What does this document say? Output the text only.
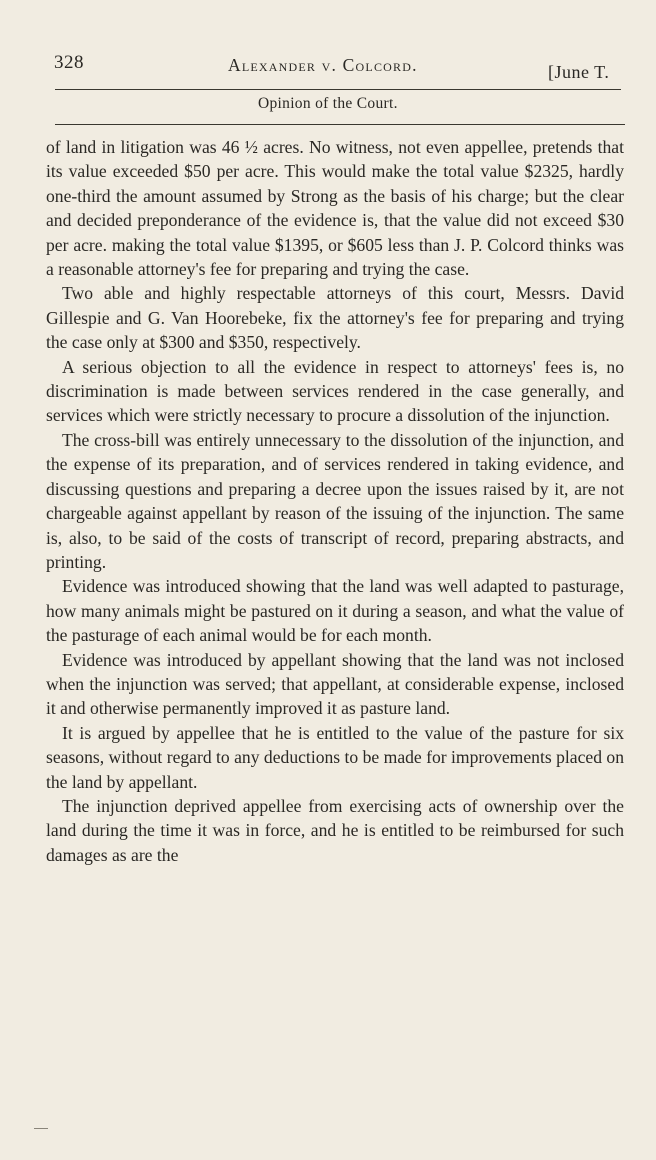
328	Alexander v. Colcord.	[June T.
Opinion of the Court.

of land in litigation was 46 ½ acres. No witness, not even appellee, pretends that its value exceeded $50 per acre. This would make the total value $2325, hardly one-third the amount assumed by Strong as the basis of his charge; but the clear and decided preponderance of the evidence is, that the value did not exceed $30 per acre. making the total value $1395, or $605 less than J. P. Colcord thinks was a reasonable attorney's fee for preparing and trying the case.

Two able and highly respectable attorneys of this court, Messrs. David Gillespie and G. Van Hoorebeke, fix the attorney's fee for preparing and trying the case only at $300 and $350, respectively.

A serious objection to all the evidence in respect to attorneys' fees is, no discrimination is made between services rendered in the case generally, and services which were strictly necessary to procure a dissolution of the injunction.

The cross-bill was entirely unnecessary to the dissolution of the injunction, and the expense of its preparation, and of services rendered in taking evidence, and discussing questions and preparing a decree upon the issues raised by it, are not chargeable against appellant by reason of the issuing of the injunction. The same is, also, to be said of the costs of transcript of record, preparing abstracts, and printing.

Evidence was introduced showing that the land was well adapted to pasturage, how many animals might be pastured on it during a season, and what the value of the pasturage of each animal would be for each month.

Evidence was introduced by appellant showing that the land was not inclosed when the injunction was served; that appellant, at considerable expense, inclosed it and otherwise permanently improved it as pasture land.

It is argued by appellee that he is entitled to the value of the pasture for six seasons, without regard to any deductions to be made for improvements placed on the land by appellant.

The injunction deprived appellee from exercising acts of ownership over the land during the time it was in force, and he is entitled to be reimbursed for such damages as are the
